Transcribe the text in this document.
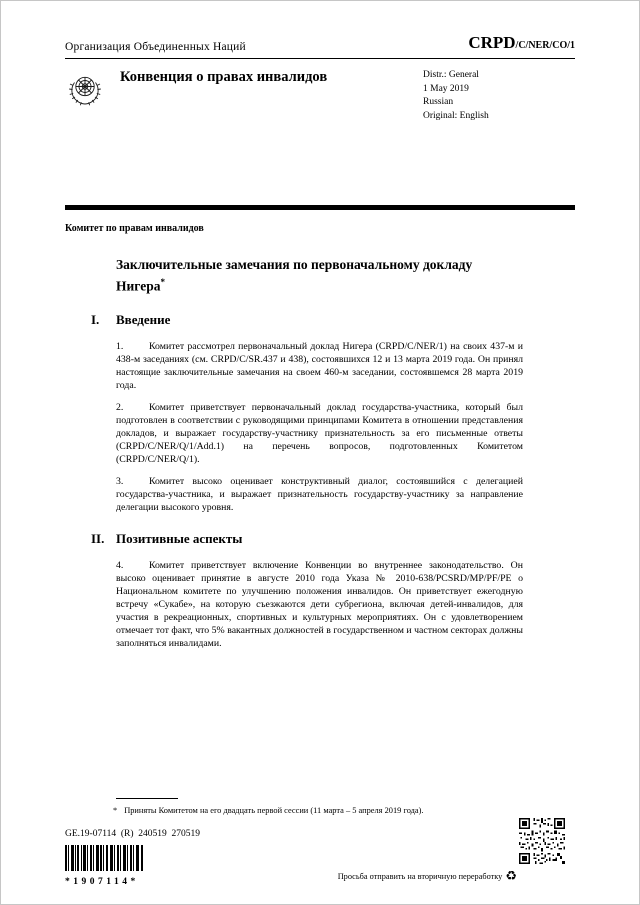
Организация Объединенных Наций	CRPD/C/NER/CO/1
Конвенция о правах инвалидов	Distr.: General
1 May 2019
Russian
Original: English
Комитет по правам инвалидов
Заключительные замечания по первоначальному докладу Нигера*
I.	Введение

1.	Комитет рассмотрел первоначальный доклад Нигера (CRPD/C/NER/1) на своих 437-м и 438-м заседаниях (см. CRPD/C/SR.437 и 438), состоявшихся 12 и 13 марта 2019 года. Он принял настоящие заключительные замечания на своем 460-м заседании, состоявшемся 28 марта 2019 года.

2.	Комитет приветствует первоначальный доклад государства-участника, который был подготовлен в соответствии с руководящими принципами Комитета в отношении представления докладов, и выражает государству-участнику признательность за его письменные ответы (CRPD/C/NER/Q/1/Add.1) на перечень вопросов, подготовленных Комитетом (CRPD/C/NER/Q/1).

3.	Комитет высоко оценивает конструктивный диалог, состоявшийся с делегацией государства-участника, и выражает признательность государству-участнику за направление делегации высокого уровня.

II. Позитивные аспекты

4.	Комитет приветствует включение Конвенции во внутреннее законодательство. Он высоко оценивает принятие в августе 2010 года Указа № 2010-638/PCSRD/MP/PF/PE о Национальном комитете по улучшению положения инвалидов. Он приветствует ежегодную встречу «Сукабе», на которую съезжаются дети субрегиона, включая детей-инвалидов, для участия в рекреационных, спортивных и культурных мероприятиях. Он с удовлетворением отмечает тот факт, что 5% вакантных должностей в государственном и частном секторах должны заполняться инвалидами.

* Приняты Комитетом на его двадцать первой сессии (11 марта – 5 апреля 2019 года).
GE.19-07114  (R)  240519  270519
*1907114*
Просьба отправить на вторичную переработку ♻
